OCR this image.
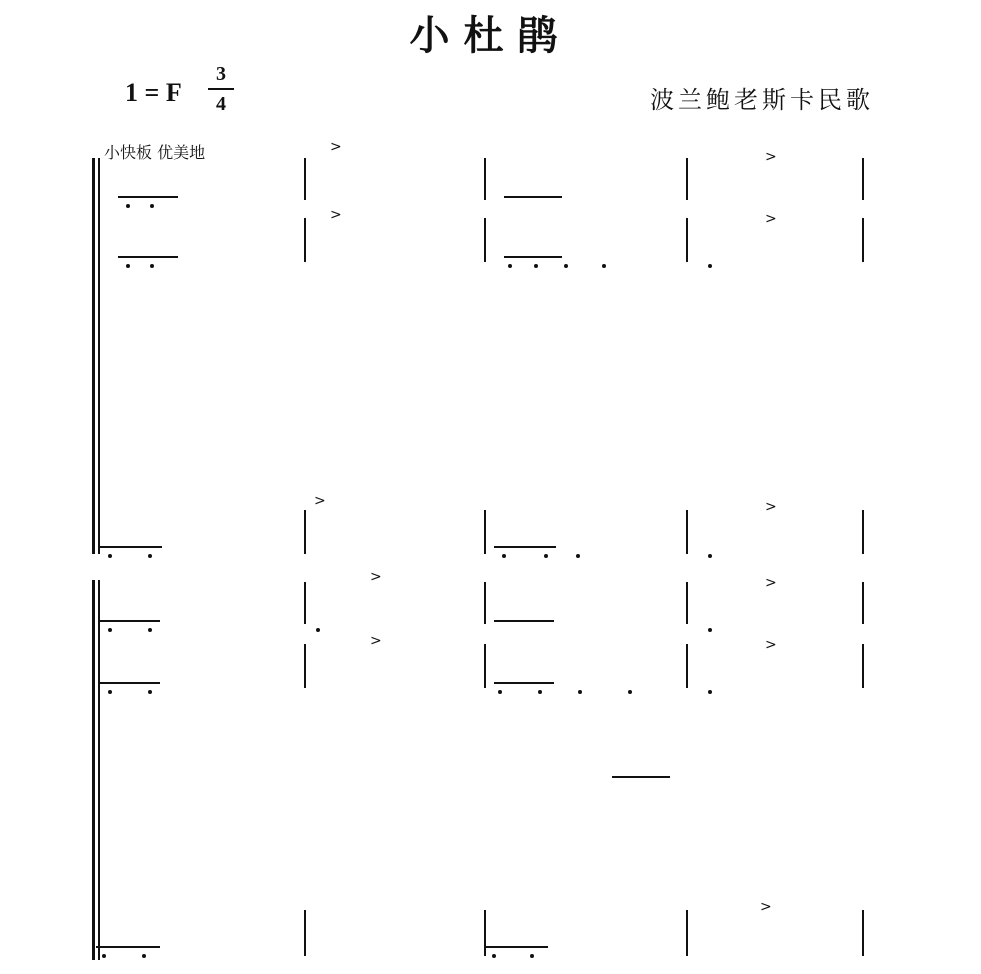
小杜鹃
1 = F
3
4	波兰鲍老斯卡民歌
小快板 优美地	>
>
>	>
>	>
>	>
>	>
>
